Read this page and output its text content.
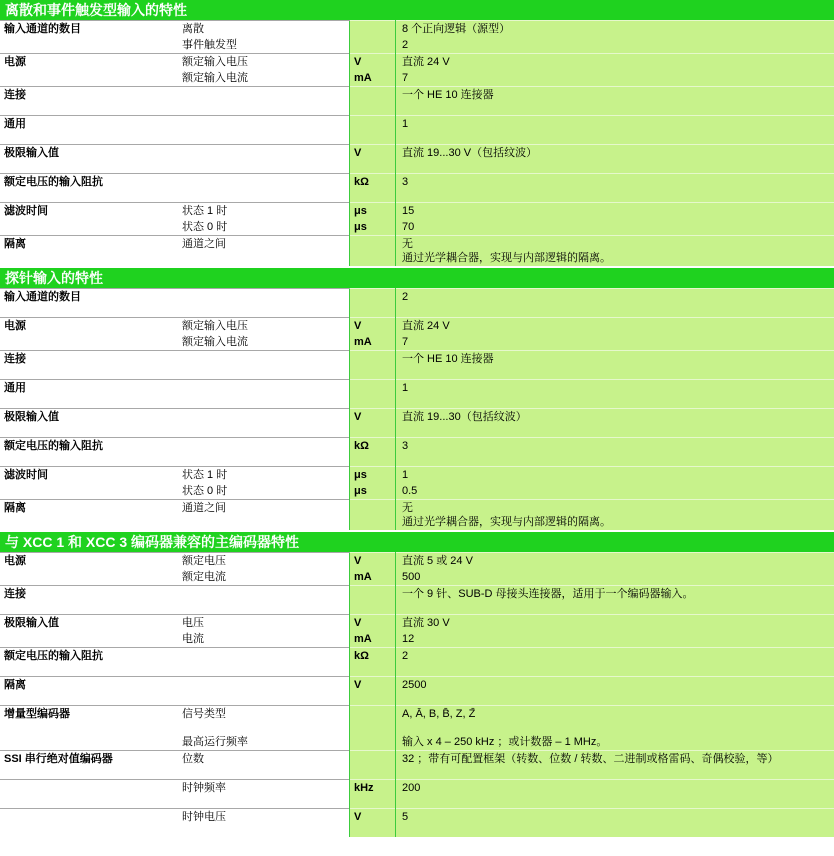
离散和事件触发型输入的特性
输入通道的数目	离散		8 个正向逻辑（源型）
	事件触发型		2
电源	额定输入电压	V	直流 24 V
	额定输入电流	mA	7
连接			一个 HE 10 连接器
通用			1
极限输入值		V	直流 19...30 V（包括纹波）
额定电压的输入阻抗		kΩ	3
滤波时间	状态 1 时	μs	15
	状态 0 时	μs	70
隔离	通道之间		无
通过光学耦合器，实现与内部逻辑的隔离。
探针输入的特性
输入通道的数目			2
电源	额定输入电压	V	直流 24 V
	额定输入电流	mA	7
连接			一个 HE 10 连接器
通用			1
极限输入值		V	直流 19...30（包括纹波）
额定电压的输入阻抗		kΩ	3
滤波时间	状态 1 时	μs	1
	状态 0 时	μs	0.5
隔离	通道之间		无
通过光学耦合器，实现与内部逻辑的隔离。
与 XCC 1 和 XCC 3 编码器兼容的主编码器特性
电源	额定电压	V	直流 5 或 24 V
	额定电流	mA	500
连接			一个 9 针、SUB-D 母接头连接器，适用于一个编码器输入。
极限输入值	电压	V	直流 30 V
	电流	mA	12
额定电压的输入阻抗		kΩ	2
隔离		V	2500
增量型编码器	信号类型		A, Ā, B, B̄, Z, Z̄
	最高运行频率		输入 x 4 – 250 kHz ；或计数器 – 1 MHz。
SSI 串行绝对值编码器	位数		32 ；带有可配置框架（转数、位数 / 转数、二进制或格雷码、奇偶校验，等）
	时钟频率	kHz	200
	时钟电压	V	5
